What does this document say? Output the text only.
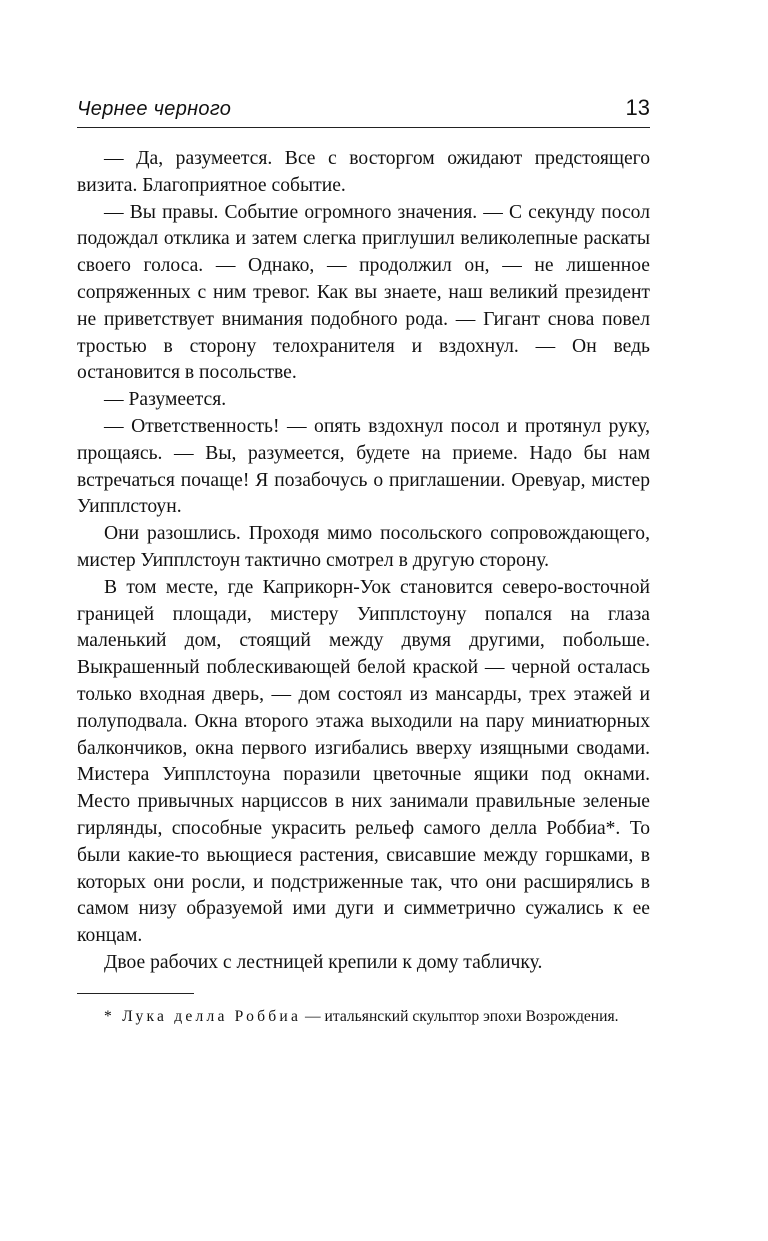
Чернее черного	13

— Да, разумеется. Все с восторгом ожидают предстоящего визита. Благоприятное событие.

— Вы правы. Событие огромного значения. — С секунду посол подождал отклика и затем слегка приглушил великолепные раскаты своего голоса. — Однако, — продолжил он, — не лишенное сопряженных с ним тревог. Как вы знаете, наш великий президент не приветствует внимания подобного рода. — Гигант снова повел тростью в сторону телохранителя и вздохнул. — Он ведь остановится в посольстве.

— Разумеется.

— Ответственность! — опять вздохнул посол и протянул руку, прощаясь. — Вы, разумеется, будете на приеме. Надо бы нам встречаться почаще! Я позабочусь о приглашении. Оревуар, мистер Уипплстоун.

Они разошлись. Проходя мимо посольского сопровождающего, мистер Уипплстоун тактично смотрел в другую сторону.

В том месте, где Каприкорн-Уок становится северо-восточной границей площади, мистеру Уипплстоуну попался на глаза маленький дом, стоящий между двумя другими, побольше. Выкрашенный поблескивающей белой краской — черной осталась только входная дверь, — дом состоял из мансарды, трех этажей и полуподвала. Окна второго этажа выходили на пару миниатюрных балкончиков, окна первого изгибались вверху изящными сводами. Мистера Уипплстоуна поразили цветочные ящики под окнами. Место привычных нарциссов в них занимали правильные зеленые гирлянды, способные украсить рельеф самого делла Роббиа*. То были какие-то вьющиеся растения, свисавшие между горшками, в которых они росли, и подстриженные так, что они расширялись в самом низу образуемой ими дуги и симметрично сужались к ее концам.

Двое рабочих с лестницей крепили к дому табличку.

* Лука делла Роббиа — итальянский скульптор эпохи Возрождения.
